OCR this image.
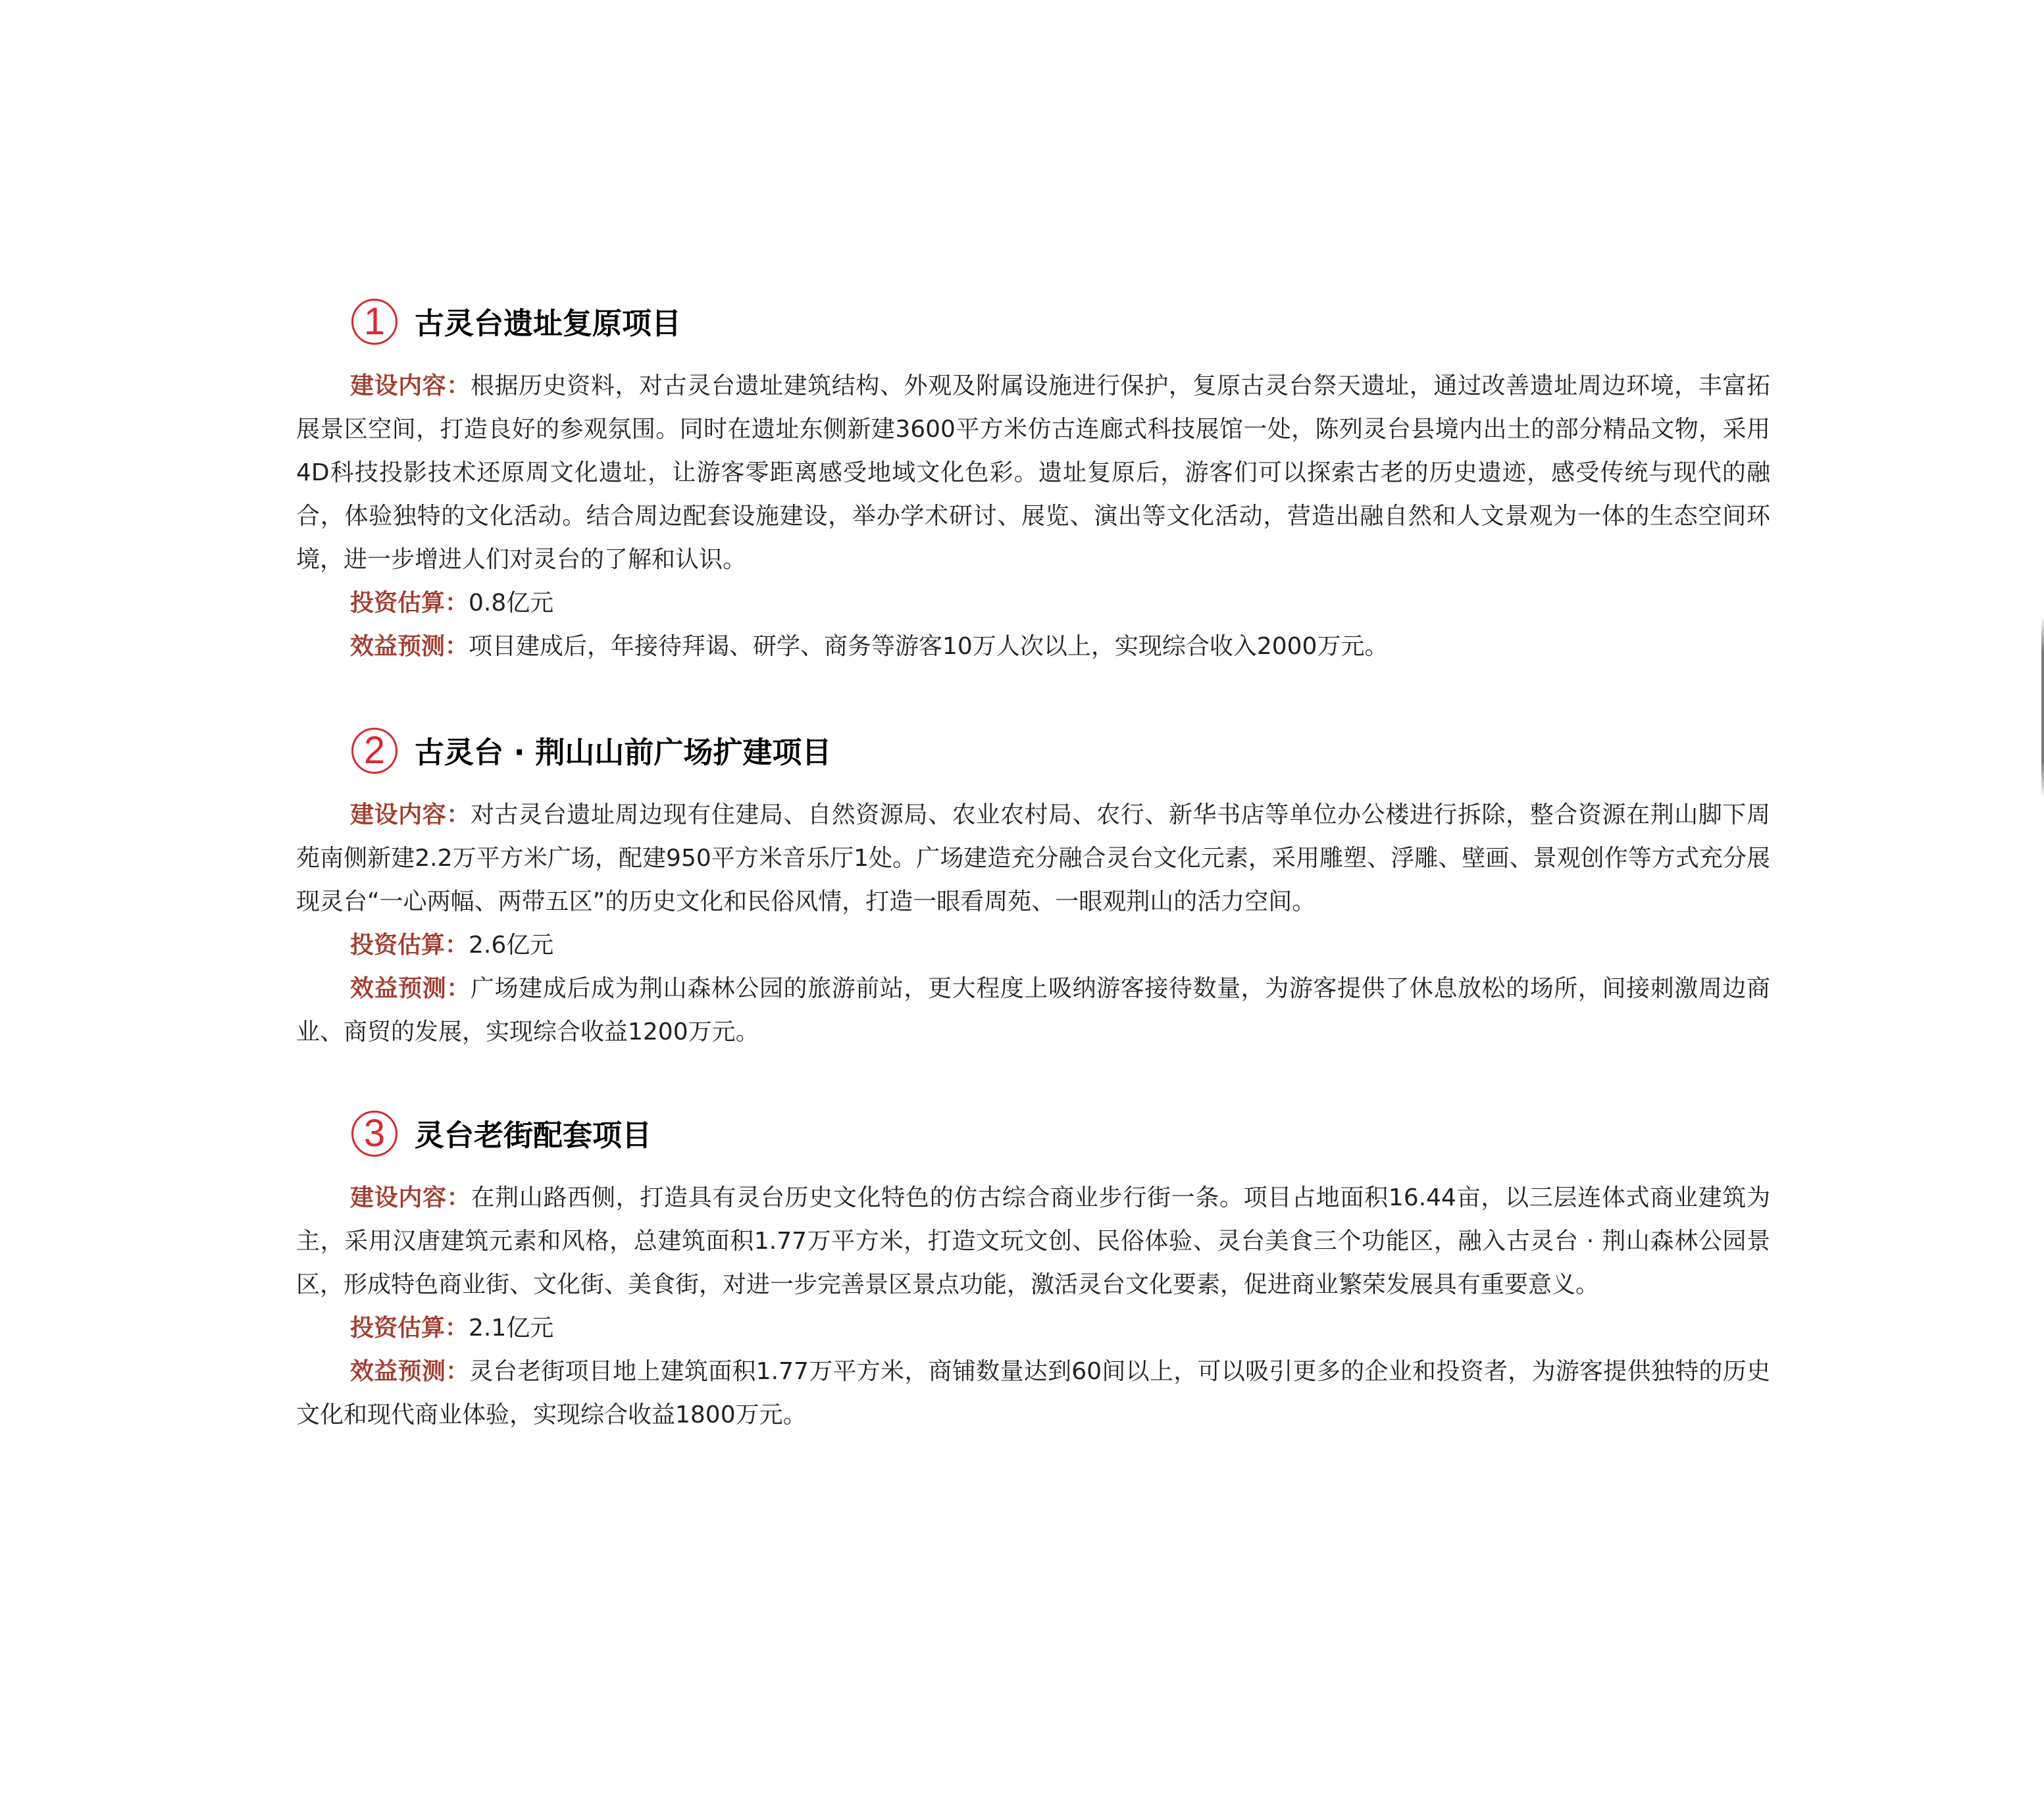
1 古灵台遗址复原项目

建设内容：根据历史资料，对古灵台遗址建筑结构、外观及附属设施进行保护，复原古灵台祭天遗址，通过改善遗址周边环境，丰富拓展景区空间，打造良好的参观氛围。同时在遗址东侧新建3600平方米仿古连廊式科技展馆一处，陈列灵台县境内出土的部分精品文物，采用4D科技投影技术还原周文化遗址，让游客零距离感受地域文化色彩。遗址复原后，游客们可以探索古老的历史遗迹，感受传统与现代的融合，体验独特的文化活动。结合周边配套设施建设，举办学术研讨、展览、演出等文化活动，营造出融自然和人文景观为一体的生态空间环境，进一步增进人们对灵台的了解和认识。

投资估算：0.8亿元

效益预测：项目建成后，年接待拜谒、研学、商务等游客10万人次以上，实现综合收入2000万元。

2 古灵台 · 荆山山前广场扩建项目

建设内容：对古灵台遗址周边现有住建局、自然资源局、农业农村局、农行、新华书店等单位办公楼进行拆除，整合资源在荆山脚下周苑南侧新建2.2万平方米广场，配建950平方米音乐厅1处。广场建造充分融合灵台文化元素，采用雕塑、浮雕、壁画、景观创作等方式充分展现灵台“一心两幅、两带五区”的历史文化和民俗风情，打造一眼看周苑、一眼观荆山的活力空间。

投资估算：2.6亿元

效益预测：广场建成后成为荆山森林公园的旅游前站，更大程度上吸纳游客接待数量，为游客提供了休息放松的场所，间接刺激周边商业、商贸的发展，实现综合收益1200万元。

3 灵台老街配套项目

建设内容：在荆山路西侧，打造具有灵台历史文化特色的仿古综合商业步行街一条。项目占地面积16.44亩，以三层连体式商业建筑为主，采用汉唐建筑元素和风格，总建筑面积1.77万平方米，打造文玩文创、民俗体验、灵台美食三个功能区，融入古灵台 · 荆山森林公园景区，形成特色商业街、文化街、美食街，对进一步完善景区景点功能，激活灵台文化要素，促进商业繁荣发展具有重要意义。

投资估算：2.1亿元

效益预测：灵台老街项目地上建筑面积1.77万平方米，商铺数量达到60间以上，可以吸引更多的企业和投资者，为游客提供独特的历史文化和现代商业体验，实现综合收益1800万元。
